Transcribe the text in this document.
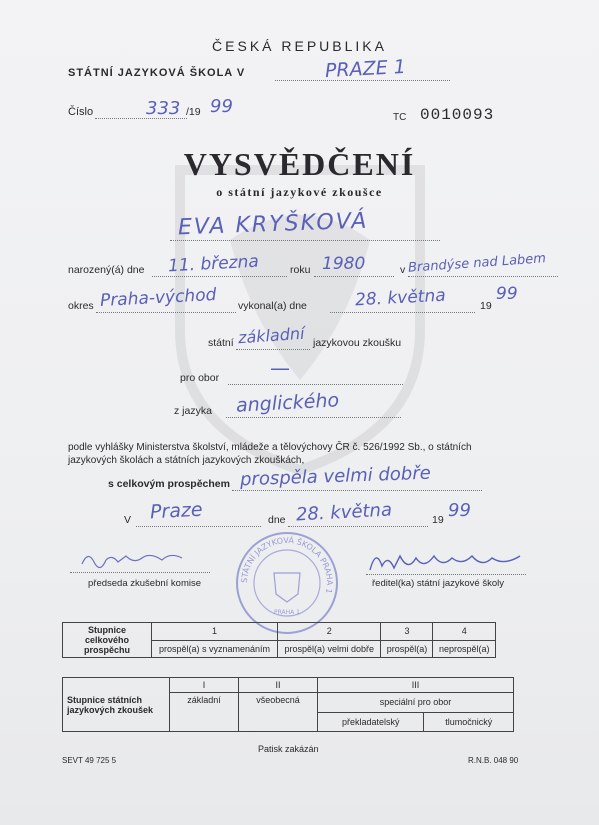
ČESKÁ REPUBLIKA
STÁTNÍ JAZYKOVÁ ŠKOLA V	PRAZE 1
Číslo	333 /19 99
TC 0010093
VYSVĚDČENÍ
o státní jazykové zkoušce
EVA KRYŠKOVÁ
narozený(á) dne 11. března	roku 1980	v Brandýse nad Labem
okres Praha-východ vykonal(a) dne	28. května	19
99
státní základní jazykovou zkoušku
pro obor	—
z jazyka anglického
podle vyhlášky Ministerstva školství, mládeže a tělovýchovy ČR č. 526/1992 Sb., o státních
jazykových školách a státních jazykových zkouškách,
s celkovým prospěchem prospěla velmi dobře
V Praze	dne 28. května	19 99
předseda zkušební komise	ředitel(ka) státní jazykové školy
STÁTNÍ JAZYKOVÁ ŠKOLA PRAHA 1
PRAHA 1
Stupnice celkového prospěchu	1	2	3	4
	prospěl(a) s vyznamenáním	prospěl(a) velmi dobře	prospěl(a)	neprospěl(a)
Stupnice státních jazykových zkoušek	I	II	III	
	základní	všeobecná	speciální pro obor	
			překladatelský	tlumočnický
Patisk zakázán
SEVT 49 725 5	R.N.B. 048 90
